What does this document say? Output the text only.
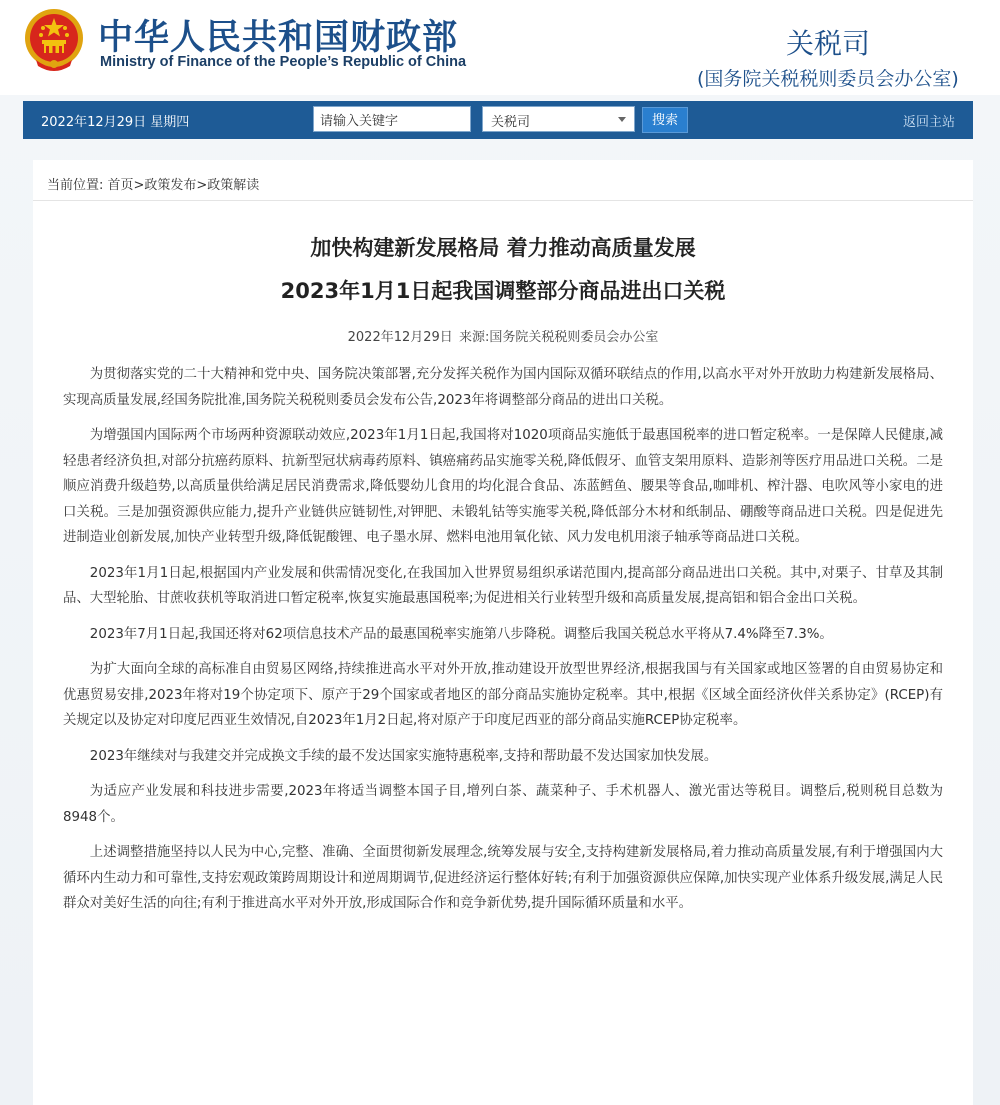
中华人民共和国财政部
Ministry of Finance of the People’s Republic of China
关税司
(国务院关税税则委员会办公室)
2022年12月29日 星期四
请输入关键字	关税司	搜索	返回主站
当前位置: 首页>政策发布>政策解读
加快构建新发展格局 着力推动高质量发展
2023年1月1日起我国调整部分商品进出口关税
2022年12月29日 来源:国务院关税税则委员会办公室

为贯彻落实党的二十大精神和党中央、国务院决策部署,充分发挥关税作为国内国际双循环联结点的作用,以高水平对外开放助力构建新发展格局、实现高质量发展,经国务院批准,国务院关税税则委员会发布公告,2023年将调整部分商品的进出口关税。

为增强国内国际两个市场两种资源联动效应,2023年1月1日起,我国将对1020项商品实施低于最惠国税率的进口暂定税率。一是保障人民健康,减轻患者经济负担,对部分抗癌药原料、抗新型冠状病毒药原料、镇癌痛药品实施零关税,降低假牙、血管支架用原料、造影剂等医疗用品进口关税。二是顺应消费升级趋势,以高质量供给满足居民消费需求,降低婴幼儿食用的均化混合食品、冻蓝鳕鱼、腰果等食品,咖啡机、榨汁器、电吹风等小家电的进口关税。三是加强资源供应能力,提升产业链供应链韧性,对钾肥、未锻轧钴等实施零关税,降低部分木材和纸制品、硼酸等商品进口关税。四是促进先进制造业创新发展,加快产业转型升级,降低铌酸锂、电子墨水屏、燃料电池用氧化铱、风力发电机用滚子轴承等商品进口关税。

2023年1月1日起,根据国内产业发展和供需情况变化,在我国加入世界贸易组织承诺范围内,提高部分商品进出口关税。其中,对栗子、甘草及其制品、大型轮胎、甘蔗收获机等取消进口暂定税率,恢复实施最惠国税率;为促进相关行业转型升级和高质量发展,提高铝和铝合金出口关税。

2023年7月1日起,我国还将对62项信息技术产品的最惠国税率实施第八步降税。调整后我国关税总水平将从7.4%降至7.3%。

为扩大面向全球的高标准自由贸易区网络,持续推进高水平对外开放,推动建设开放型世界经济,根据我国与有关国家或地区签署的自由贸易协定和优惠贸易安排,2023年将对19个协定项下、原产于29个国家或者地区的部分商品实施协定税率。其中,根据《区域全面经济伙伴关系协定》(RCEP)有关规定以及协定对印度尼西亚生效情况,自2023年1月2日起,将对原产于印度尼西亚的部分商品实施RCEP协定税率。

2023年继续对与我建交并完成换文手续的最不发达国家实施特惠税率,支持和帮助最不发达国家加快发展。

为适应产业发展和科技进步需要,2023年将适当调整本国子目,增列白茶、蔬菜种子、手术机器人、激光雷达等税目。调整后,税则税目总数为8948个。

上述调整措施坚持以人民为中心,完整、准确、全面贯彻新发展理念,统筹发展与安全,支持构建新发展格局,着力推动高质量发展,有利于增强国内大循环内生动力和可靠性,支持宏观政策跨周期设计和逆周期调节,促进经济运行整体好转;有利于加强资源供应保障,加快实现产业体系升级发展,满足人民群众对美好生活的向往;有利于推进高水平对外开放,形成国际合作和竞争新优势,提升国际循环质量和水平。
